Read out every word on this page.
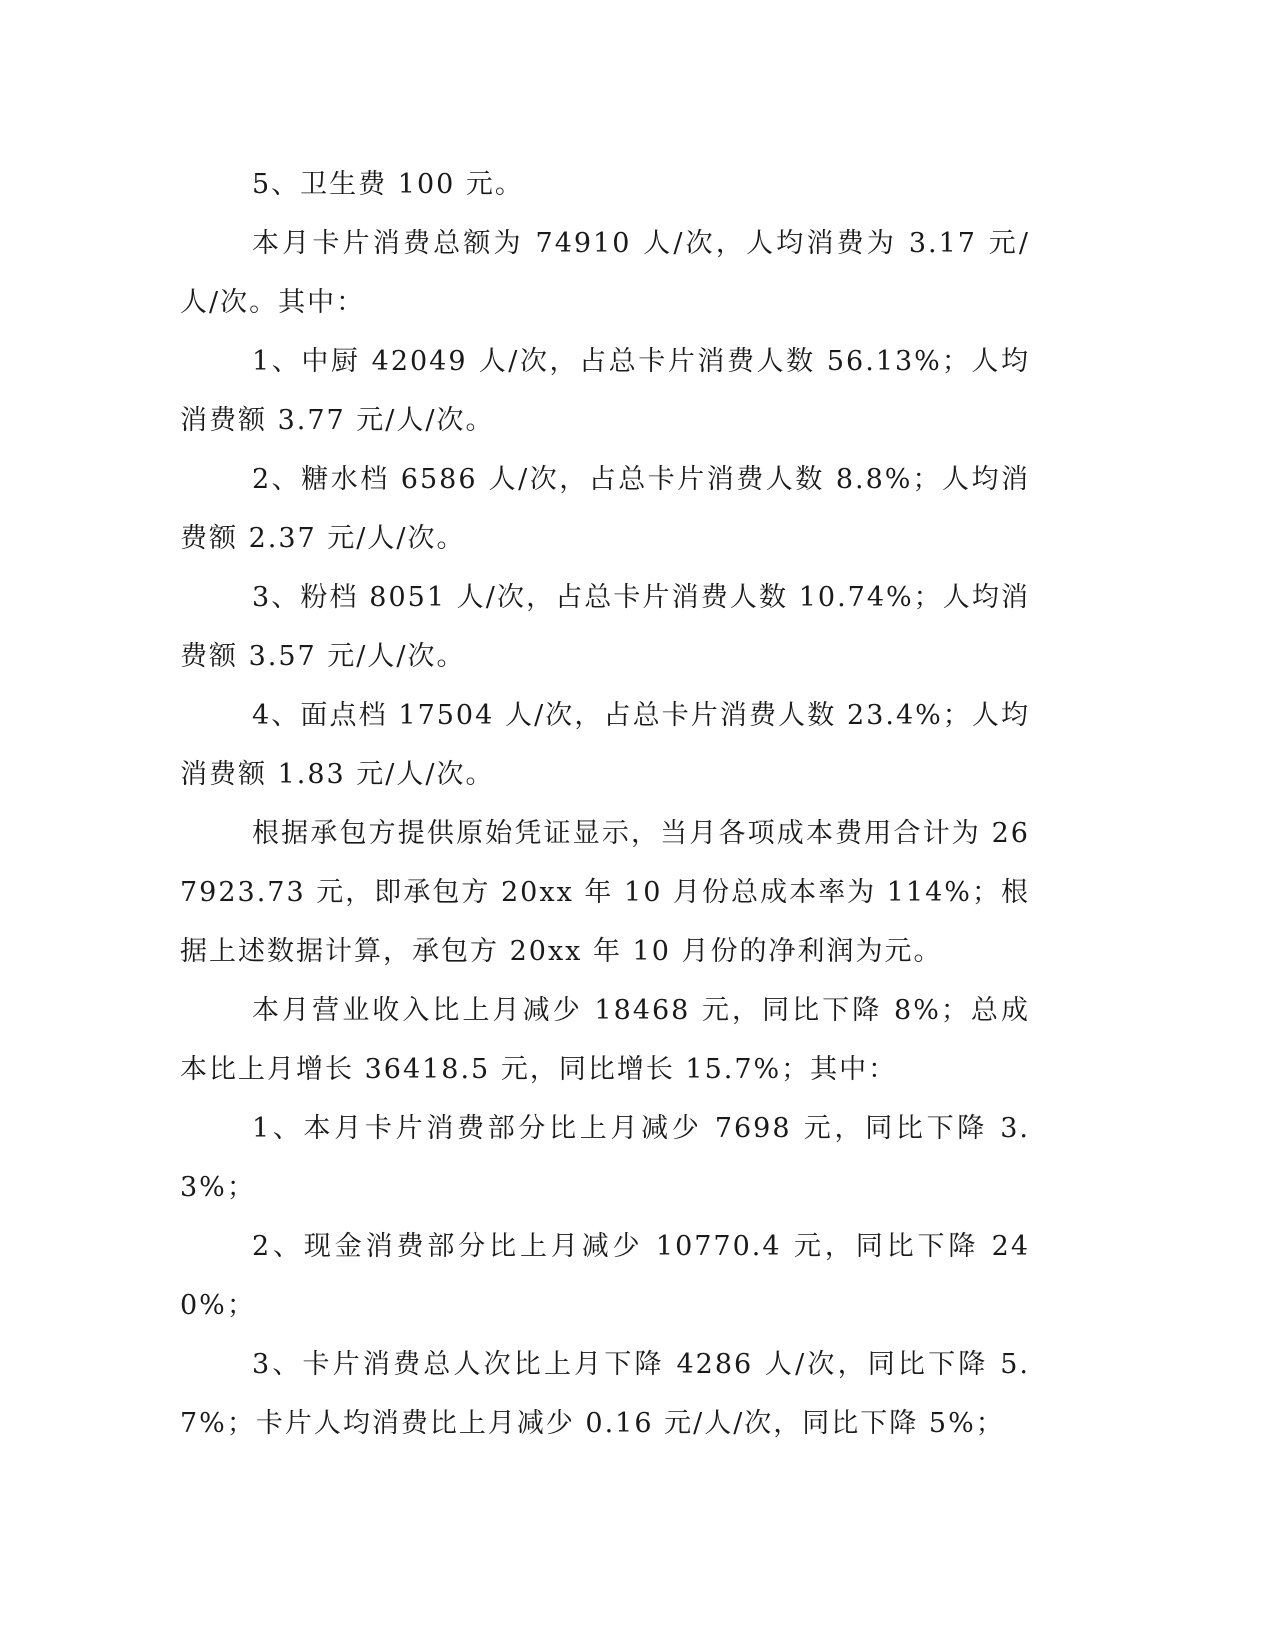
5、卫生费 100 元。

本月卡片消费总额为 74910 人/次，人均消费为 3.17 元/人/次。其中：

1、中厨 42049 人/次，占总卡片消费人数 56.13%；人均消费额 3.77 元/人/次。

2、糖水档 6586 人/次，占总卡片消费人数 8.8%；人均消费额 2.37 元/人/次。

3、粉档 8051 人/次，占总卡片消费人数 10.74%；人均消费额 3.57 元/人/次。

4、面点档 17504 人/次，占总卡片消费人数 23.4%；人均消费额 1.83 元/人/次。

根据承包方提供原始凭证显示，当月各项成本费用合计为 267923.73 元，即承包方 20xx 年 10 月份总成本率为 114%；根据上述数据计算，承包方 20xx 年 10 月份的净利润为元。

本月营业收入比上月减少 18468 元，同比下降 8%；总成本比上月增长 36418.5 元，同比增长 15.7%；其中：

1、本月卡片消费部分比上月减少 7698 元，同比下降 3.3%；

2、现金消费部分比上月减少 10770.4 元，同比下降 240%；

3、卡片消费总人次比上月下降 4286 人/次，同比下降 5.7%；卡片人均消费比上月减少 0.16 元/人/次，同比下降 5%；
